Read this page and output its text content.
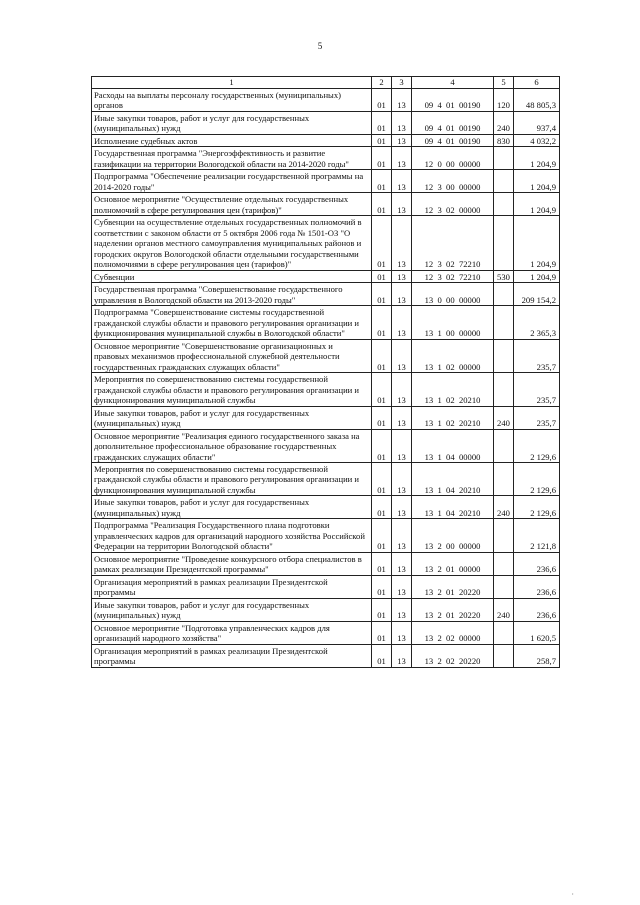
5
1	2	3	4	5	6
Расходы на выплаты персоналу государственных (муниципальных) органов	01	13	09  4  01  00190	120	48 805,3
Иные закупки товаров, работ и услуг для государственных (муниципальных) нужд	01	13	09  4  01  00190	240	937,4
Исполнение судебных актов	01	13	09  4  01  00190	830	4 032,2
Государственная программа "Энергоэффективность и развитие газификации на территории Вологодской области на 2014-2020 годы"	01	13	12  0  00  00000		1 204,9
Подпрограмма "Обеспечение реализации государственной программы на 2014-2020 годы"	01	13	12  3  00  00000		1 204,9
Основное мероприятие "Осуществление отдельных государственных полномочий в сфере регулирования цен (тарифов)"	01	13	12  3  02  00000		1 204,9
Субвенции на осуществление отдельных государственных полномочий в соответствии с законом области от 5 октября 2006 года № 1501-ОЗ "О наделении органов местного самоуправления муниципальных районов и городских округов Вологодской области отдельными государственными полномочиями в сфере регулирования цен (тарифов)"	01	13	12  3  02  72210		1 204,9
Субвенции	01	13	12  3  02  72210	530	1 204,9
Государственная программа "Совершенствование государственного управления в Вологодской области на 2013-2020 годы"	01	13	13  0  00  00000		209 154,2
Подпрограмма "Совершенствование системы государственной гражданской службы области и правового регулирования организации и функционирования муниципальной службы в Вологодской области"	01	13	13  1  00  00000		2 365,3
Основное мероприятие "Совершенствование организационных и правовых механизмов профессиональной служебной деятельности государственных гражданских служащих области"	01	13	13  1  02  00000		235,7
Мероприятия по совершенствованию системы государственной гражданской службы области и правового регулирования организации и функционирования муниципальной службы	01	13	13  1  02  20210		235,7
Иные закупки товаров, работ и услуг для государственных (муниципальных) нужд	01	13	13  1  02  20210	240	235,7
Основное мероприятие "Реализация единого государственного заказа на дополнительное профессиональное образование государственных гражданских служащих области"	01	13	13  1  04  00000		2 129,6
Мероприятия по совершенствованию системы государственной гражданской службы области и правового регулирования организации и функционирования муниципальной службы	01	13	13  1  04  20210		2 129,6
Иные закупки товаров, работ и услуг для государственных (муниципальных) нужд	01	13	13  1  04  20210	240	2 129,6
Подпрограмма "Реализация Государственного плана подготовки управленческих кадров для организаций народного хозяйства Российской Федерации на территории Вологодской области"	01	13	13  2  00  00000		2 121,8
Основное мероприятие "Проведение конкурсного отбора специалистов в рамках реализации Президентской программы"	01	13	13  2  01  00000		236,6
Организация мероприятий в рамках реализации Президентской программы	01	13	13  2  01  20220		236,6
Иные закупки товаров, работ и услуг для государственных (муниципальных) нужд	01	13	13  2  01  20220	240	236,6
Основное мероприятие "Подготовка управленческих кадров для организаций народного хозяйства"	01	13	13  2  02  00000		1 620,5
Организация мероприятий в рамках реализации Президентской программы	01	13	13  2  02  20220		258,7
·
